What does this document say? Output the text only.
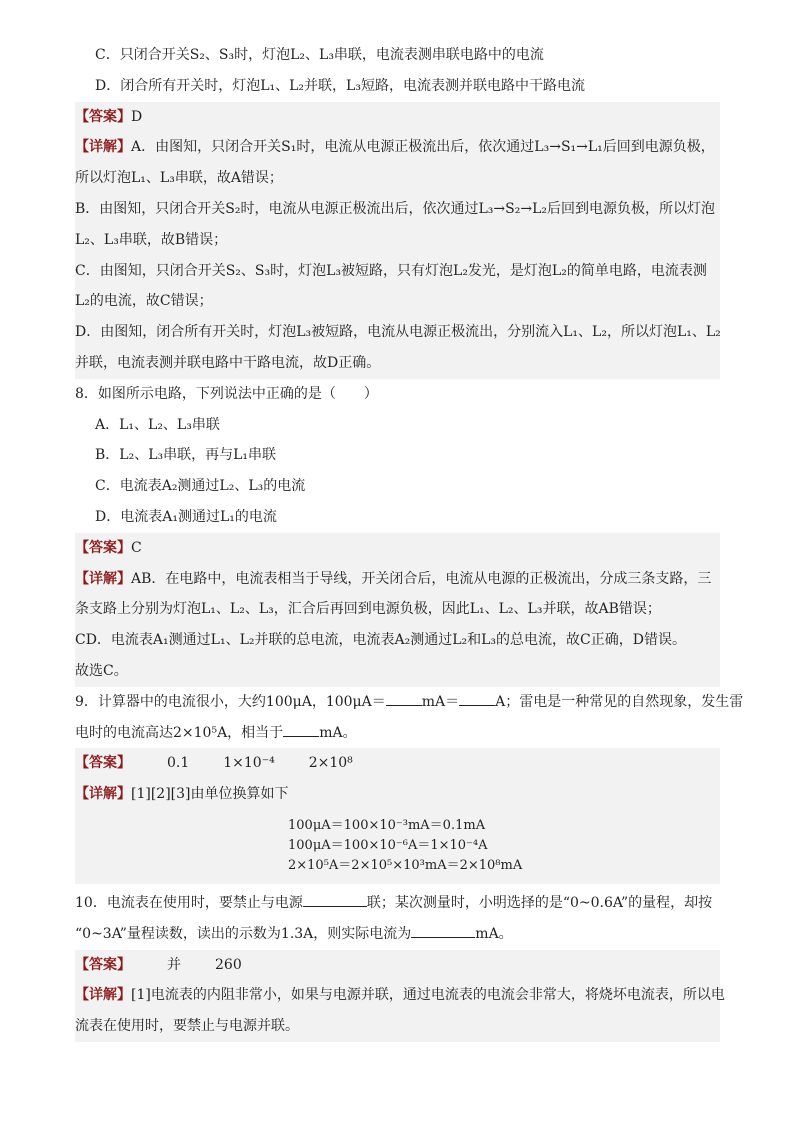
C．只闭合开关S₂、S₃时，灯泡L₂、L₃串联，电流表测串联电路中的电流
D．闭合所有开关时，灯泡L₁、L₂并联，L₃短路，电流表测并联电路中干路电流
【答案】D
【详解】A．由图知，只闭合开关S₁时，电流从电源正极流出后，依次通过L₃→S₁→L₁后回到电源负极，
所以灯泡L₁、L₃串联，故A错误；
B．由图知，只闭合开关S₂时，电流从电源正极流出后，依次通过L₃→S₂→L₂后回到电源负极，所以灯泡
L₂、L₃串联，故B错误；
C．由图知，只闭合开关S₂、S₃时，灯泡L₃被短路，只有灯泡L₂发光，是灯泡L₂的简单电路，电流表测
L₂的电流，故C错误；
D．由图知，闭合所有开关时，灯泡L₃被短路，电流从电源正极流出，分别流入L₁、L₂，所以灯泡L₁、L₂
并联，电流表测并联电路中干路电流，故D正确。
8．如图所示电路，下列说法中正确的是（　　）
A．L₁、L₂、L₃串联
B．L₂、L₃串联，再与L₁串联
C．电流表A₂测通过L₂、L₃的电流
D．电流表A₁测通过L₁的电流
【答案】C
【详解】AB．在电路中，电流表相当于导线，开关闭合后，电流从电源的正极流出，分成三条支路，三
条支路上分别为灯泡L₁、L₂、L₃，汇合后再回到电源负极，因此L₁、L₂、L₃并联，故AB错误；
CD．电流表A₁测通过L₁、L₂并联的总电流，电流表A₂测通过L₂和L₃的总电流，故C正确，D错误。
故选C。
9．计算器中的电流很小，大约100μA，100μA＝	mA＝	A；雷电是一种常见的自然现象，发生雷
电时的电流高达2×10⁵A，相当于	mA。
【答案】	0.1 1×10⁻⁴ 2×10⁸
【详解】[1][2][3]由单位换算如下
100μA＝100×10⁻³mA＝0.1mA
100μA＝100×10⁻⁶A＝1×10⁻⁴A
2×10⁵A＝2×10⁵×10³mA＝2×10⁸mA
10．电流表在使用时，要禁止与电源	联；某次测量时，小明选择的是“0~0.6A”的量程，却按
“0~3A”量程读数，读出的示数为1.3A，则实际电流为	mA。
【答案】	并 260
【详解】[1]电流表的内阻非常小，如果与电源并联，通过电流表的电流会非常大，将烧坏电流表，所以电
流表在使用时，要禁止与电源并联。
